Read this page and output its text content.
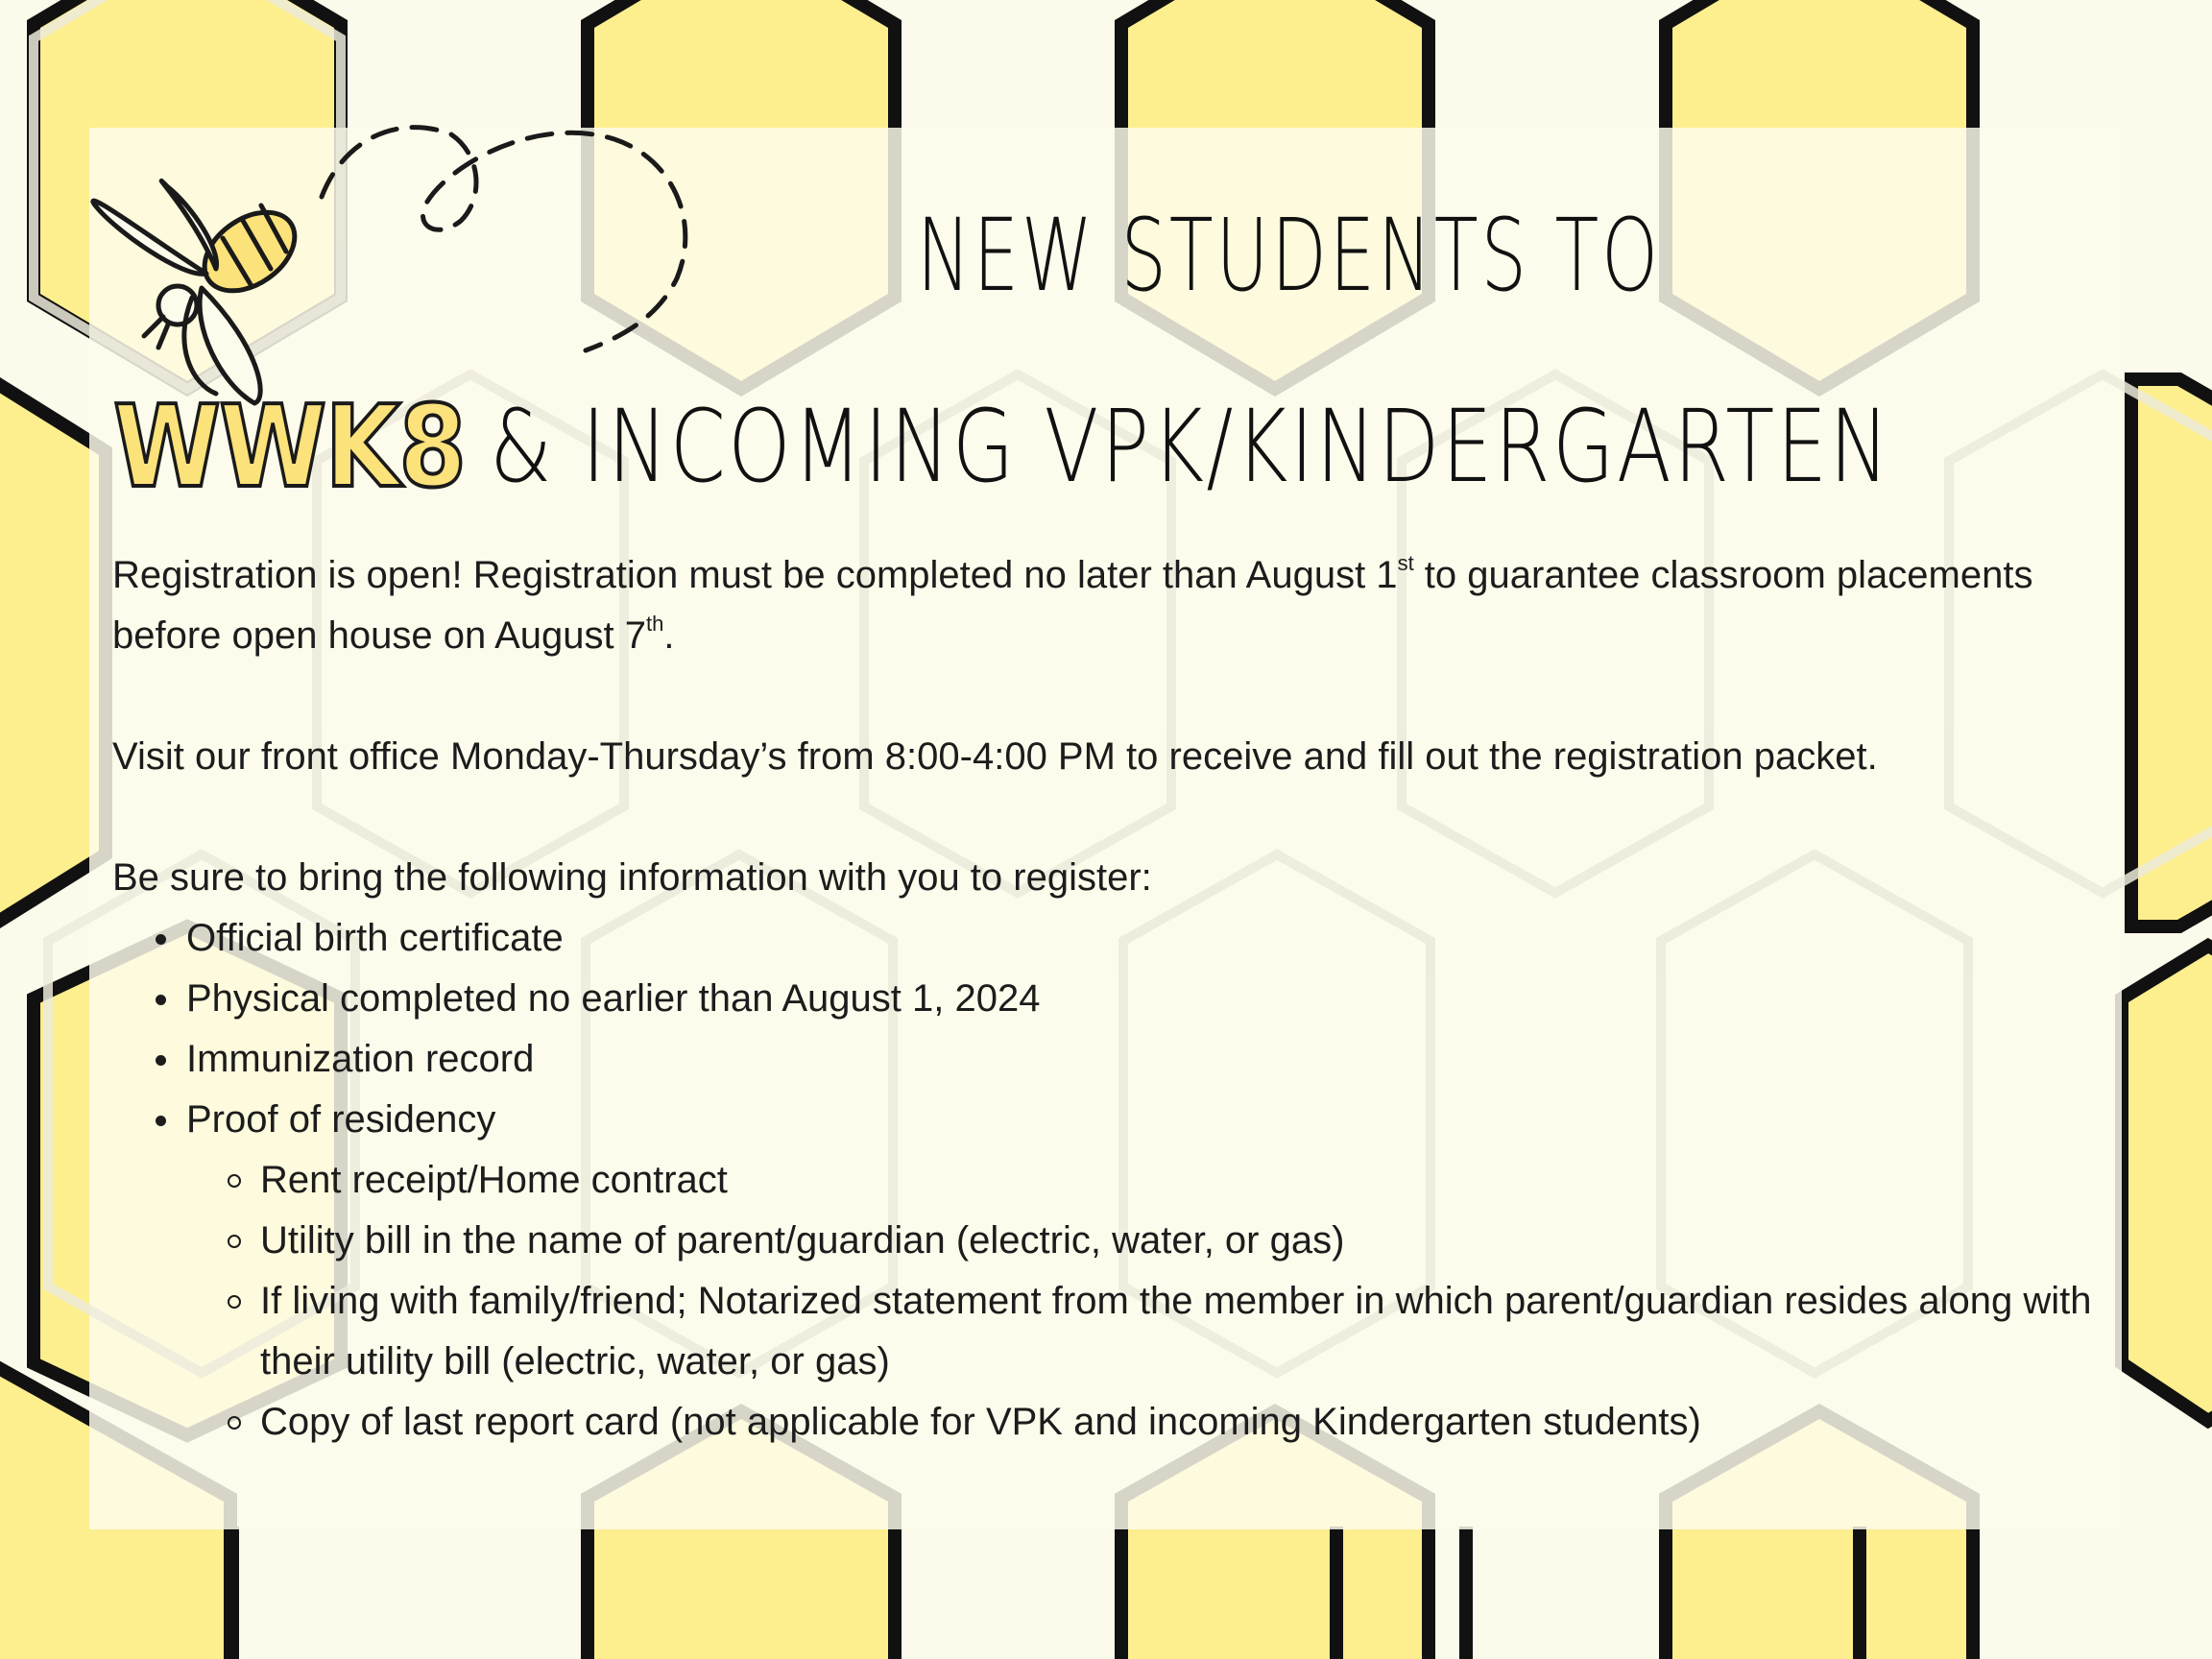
NEW STUDENTS TO
WWK8 & INCOMING VPK/KINDERGARTEN

Registration is open! Registration must be completed no later than August 1st to guarantee classroom placements before open house on August 7th.

Visit our front office Monday-Thursday’s from 8:00-4:00 PM to receive and fill out the registration packet.

Be sure to bring the following information with you to register:

Official birth certificate
Physical completed no earlier than August 1, 2024
Immunization record
Proof of residency
Rent receipt/Home contract
Utility bill in the name of parent/guardian (electric, water, or gas)
If living with family/friend; Notarized statement from the member in which parent/guardian resides along with their utility bill (electric, water, or gas)
Copy of last report card (not applicable for VPK and incoming Kindergarten students)
